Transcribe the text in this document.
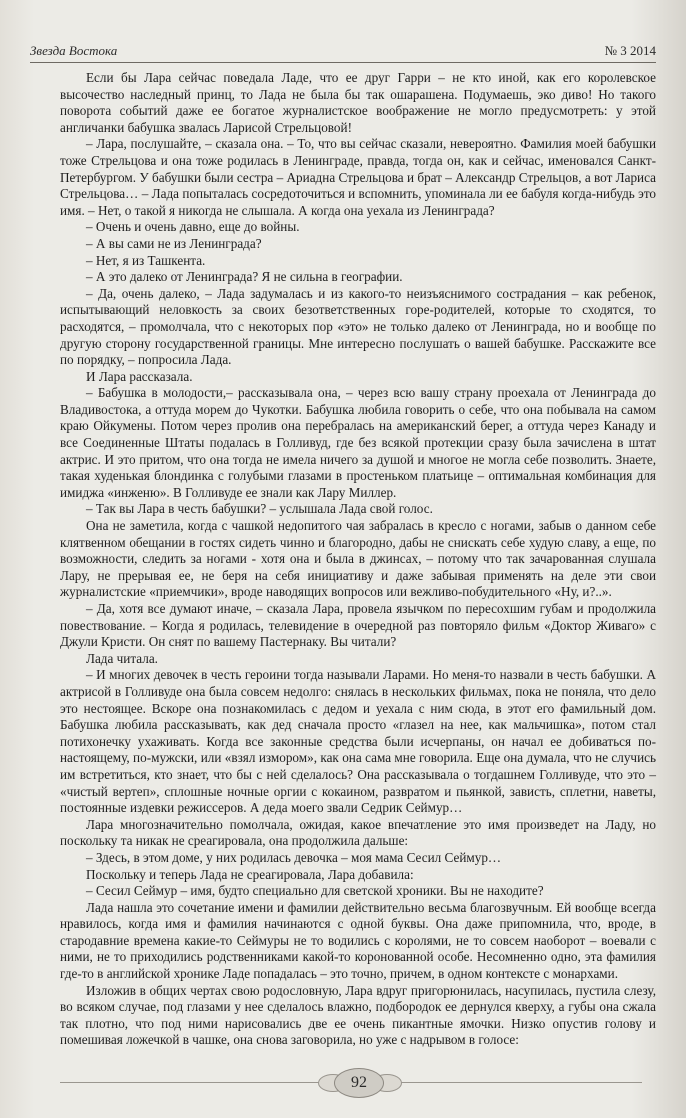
Звезда Востока	№ 3 2014

Если бы Лара сейчас поведала Ладе, что ее друг Гарри – не кто иной, как его королевское высочество наследный принц, то Лада не была бы так ошарашена. Подумаешь, эко диво! Но такого поворота событий даже ее богатое журналистское воображение не могло предусмотреть: у этой англичанки бабушка звалась Ларисой Стрельцовой!

– Лара, послушайте, – сказала она. – То, что вы сейчас сказали, невероятно. Фамилия моей бабушки тоже Стрельцова и она тоже родилась в Ленинграде, правда, тогда он, как и сейчас, именовался Санкт-Петербургом. У бабушки были сестра – Ариадна Стрельцова и брат – Александр Стрельцов, а вот Лариса Стрельцова… – Лада попыталась сосредоточиться и вспомнить, упоминала ли ее бабуля когда-нибудь это имя. – Нет, о такой я никогда не слышала. А когда она уехала из Ленинграда?

– Очень и очень давно, еще до войны.

– А вы сами не из Ленинграда?

– Нет, я из Ташкента.

– А это далеко от Ленинграда? Я не сильна в географии.

– Да, очень далеко, – Лада задумалась и из какого-то неизъяснимого сострадания – как ребенок, испытывающий неловкость за своих безответственных горе-родителей, которые то сходятся, то расходятся, – промолчала, что с некоторых пор «это» не только далеко от Ленинграда, но и вообще по другую сторону государственной границы. Мне интересно послушать о вашей бабушке. Расскажите все по порядку, – попросила Лада.

И Лара рассказала.

– Бабушка в молодости,– рассказывала она, – через всю вашу страну проехала от Ленинграда до Владивостока, а оттуда морем до Чукотки. Бабушка любила говорить о себе, что она побывала на самом краю Ойкумены. Потом через пролив она перебралась на американский берег, а оттуда через Канаду и все Соединенные Штаты подалась в Голливуд, где без всякой протекции сразу была зачислена в штат актрис. И это притом, что она тогда не имела ничего за душой и многое не могла себе позволить. Знаете, такая худенькая блондинка с голубыми глазами в простеньком платьице – оптимальная комбинация для имиджа «инженю». В Голливуде ее знали как Лару Миллер.

– Так вы Лара в честь бабушки? – услышала Лада свой голос.

Она не заметила, когда с чашкой недопитого чая забралась в кресло с ногами, забыв о данном себе клятвенном обещании в гостях сидеть чинно и благородно, дабы не снискать себе худую славу, а еще, по возможности, следить за ногами - хотя она и была в джинсах, – потому что так зачарованная слушала Лару, не прерывая ее, не беря на себя инициативу и даже забывая применять на деле эти свои журналистские «приемчики», вроде наводящих вопросов или вежливо-побудительного «Ну, и?..».

– Да, хотя все думают иначе, – сказала Лара, провела язычком по пересохшим губам и продолжила повествование. – Когда я родилась, телевидение в очередной раз повторяло фильм «Доктор Живаго» с Джули Кристи. Он снят по вашему Пастернаку. Вы читали?

Лада читала.

– И многих девочек в честь героини тогда называли Ларами. Но меня-то назвали в честь бабушки. А актрисой в Голливуде она была совсем недолго: снялась в нескольких фильмах, пока не поняла, что дело это нестоящее. Вскоре она познакомилась с дедом и уехала с ним сюда, в этот его фамильный дом. Бабушка любила рассказывать, как дед сначала просто «глазел на нее, как мальчишка», потом стал потихонечку ухаживать. Когда все законные средства были исчерпаны, он начал ее добиваться по-настоящему, по-мужски, или «взял измором», как она сама мне говорила. Еще она думала, что не случись им встретиться, кто знает, что бы с ней сделалось? Она рассказывала о тогдашнем Голливуде, что это – «чистый вертеп», сплошные ночные оргии с кокаином, развратом и пьянкой, зависть, сплетни, наветы, постоянные издевки режиссеров. А деда моего звали Седрик Сеймур…

Лара многозначительно помолчала, ожидая, какое впечатление это имя произведет на Ладу, но поскольку та никак не среагировала, она продолжила дальше:

– Здесь, в этом доме, у них родилась девочка – моя мама Сесил Сеймур…

Поскольку и теперь Лада не среагировала, Лара добавила:

– Сесил Сеймур – имя, будто специально для светской хроники. Вы не находите?

Лада нашла это сочетание имени и фамилии действительно весьма благозвучным. Ей вообще всегда нравилось, когда имя и фамилия начинаются с одной буквы. Она даже припомнила, что, вроде, в стародавние времена какие-то Сеймуры не то водились с королями, не то совсем наоборот – воевали с ними, не то приходились родственниками какой-то коронованной особе. Несомненно одно, эта фамилия где-то в английской хронике Ладе попадалась – это точно, причем, в одном контексте с монархами.

Изложив в общих чертах свою родословную, Лара вдруг пригорюнилась, насупилась, пустила слезу, во всяком случае, под глазами у нее сделалось влажно, подбородок ее дернулся кверху, а губы она сжала так плотно, что под ними нарисовались две ее очень пикантные ямочки. Низко опустив голову и помешивая ложечкой в чашке, она снова заговорила, но уже с надрывом в голосе:

92
